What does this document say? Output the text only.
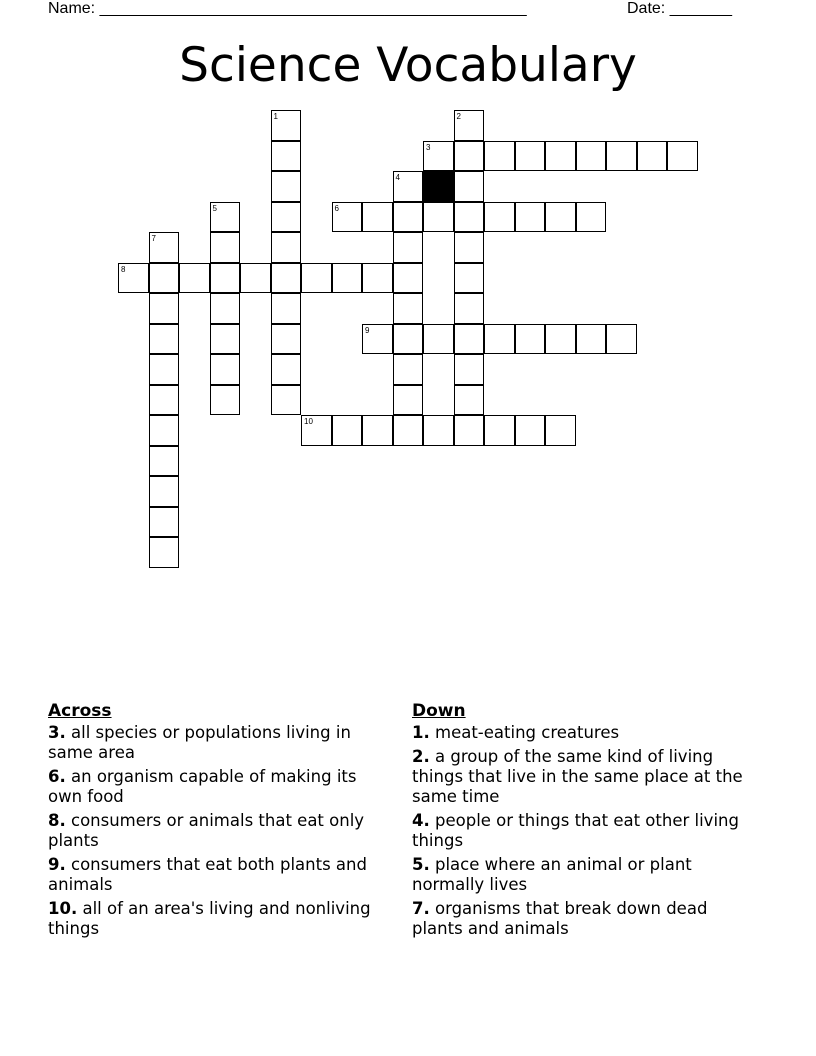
Name: ________________________________________________	Date: _______
Science Vocabulary
1	2
3
4
5	6
7
8
9
10
Across
3. all species or populations living in same area
6. an organism capable of making its own food
8. consumers or animals that eat only plants
9. consumers that eat both plants and animals
10. all of an area's living and nonliving things
Down
1. meat-eating creatures
2. a group of the same kind of living things that live in the same place at the same time
4. people or things that eat other living things
5. place where an animal or plant normally lives
7. organisms that break down dead plants and animals
